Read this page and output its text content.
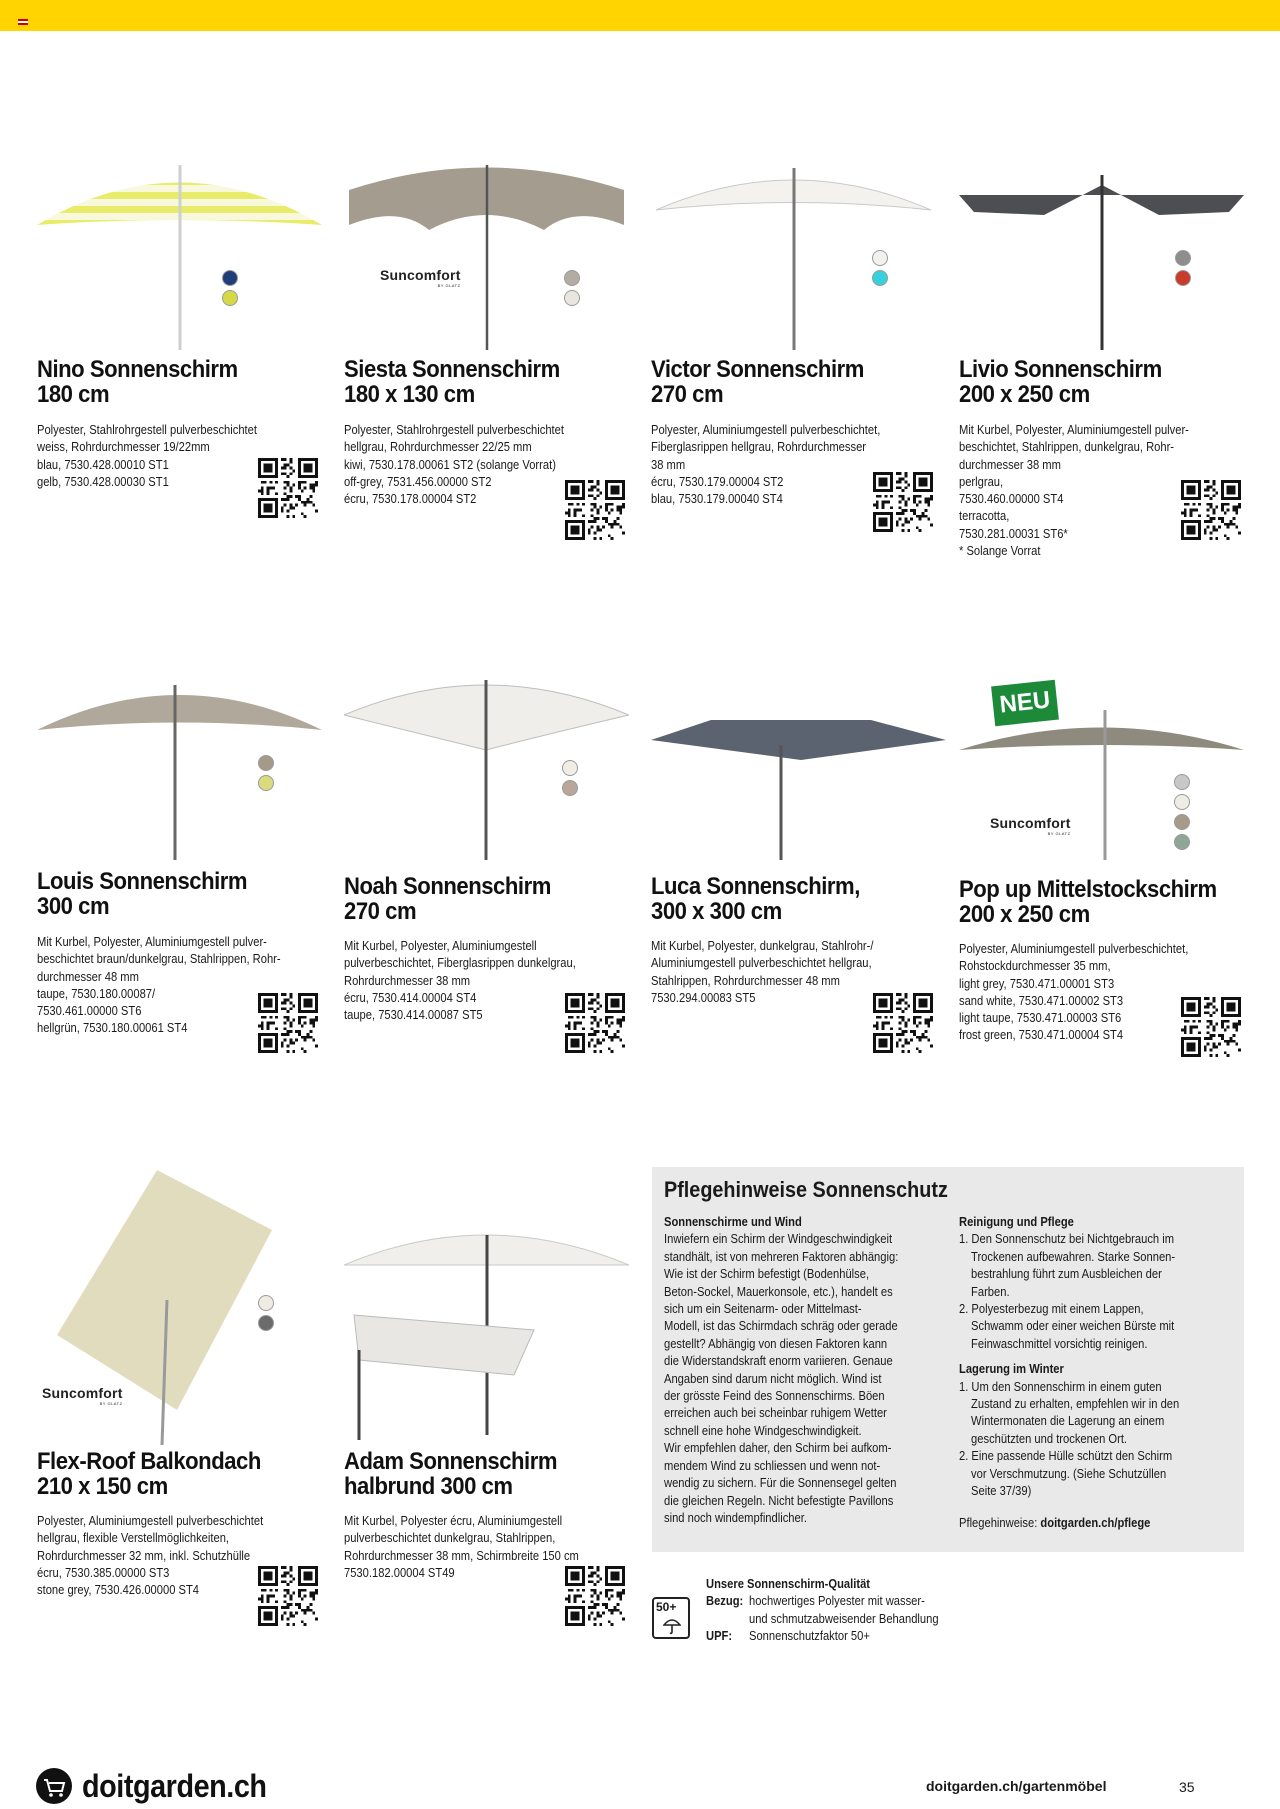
Nino Sonnenschirm
180 cm
Polyester, Stahlrohrgestell pulverbeschichtet
weiss, Rohrdurchmesser 19/22mm
blau, 7530.428.00010 ST1
gelb, 7530.428.00030 ST1
Siesta Sonnenschirm
180 x 130 cm
Polyester, Stahlrohrgestell pulverbeschichtet
hellgrau, Rohrdurchmesser 22/25 mm
kiwi, 7530.178.00061 ST2 (solange Vorrat)
off-grey, 7531.456.00000 ST2
écru, 7530.178.00004 ST2
Suncomfort
BY GLATZ
Victor Sonnenschirm
270 cm
Polyester, Aluminiumgestell pulverbeschichtet,
Fiberglasrippen hellgrau, Rohrdurchmesser
38 mm
écru, 7530.179.00004 ST2
blau, 7530.179.00040 ST4
Livio Sonnenschirm
200 x 250 cm
Mit Kurbel, Polyester, Aluminiumgestell pulver-
beschichtet, Stahlrippen, dunkelgrau, Rohr-
durchmesser 38 mm
perlgrau,
7530.460.00000 ST4
terracotta,
7530.281.00031 ST6*
* Solange Vorrat
Louis Sonnenschirm
300 cm
Mit Kurbel, Polyester, Aluminiumgestell pulver-
beschichtet braun/dunkelgrau, Stahlrippen, Rohr-
durchmesser 48 mm
taupe, 7530.180.00087/
7530.461.00000 ST6
hellgrün, 7530.180.00061 ST4
Noah Sonnenschirm
270 cm
Mit Kurbel, Polyester, Aluminiumgestell
pulverbeschichtet, Fiberglasrippen dunkelgrau,
Rohrdurchmesser 38 mm
écru, 7530.414.00004 ST4
taupe, 7530.414.00087 ST5
Luca Sonnenschirm,
300 x 300 cm
Mit Kurbel, Polyester, dunkelgrau, Stahlrohr-/
Aluminiumgestell pulverbeschichtet hellgrau,
Stahlrippen, Rohrdurchmesser 48 mm
7530.294.00083 ST5
Pop up Mittelstockschirm
200 x 250 cm
Polyester, Aluminiumgestell pulverbeschichtet,
Rohstockdurchmesser 35 mm,
light grey, 7530.471.00001 ST3
sand white, 7530.471.00002 ST3
light taupe, 7530.471.00003 ST6
frost green, 7530.471.00004 ST4
Suncomfort
BY GLATZ
Flex-Roof Balkondach
210 x 150 cm
Polyester, Aluminiumgestell pulverbeschichtet
hellgrau, flexible Verstellmöglichkeiten,
Rohrdurchmesser 32 mm, inkl. Schutzhülle
écru, 7530.385.00000 ST3
stone grey, 7530.426.00000 ST4
Suncomfort
BY GLATZ
Adam Sonnenschirm
halbrund 300 cm
Mit Kurbel, Polyester écru, Aluminiumgestell
pulverbeschichtet dunkelgrau, Stahlrippen,
Rohrdurchmesser 38 mm, Schirmbreite 150 cm
7530.182.00004 ST49
NEU
Pflegehinweise Sonnenschutz
Sonnenschirme und Wind
Inwiefern ein Schirm der Windgeschwindigkeit
standhält, ist von mehreren Faktoren abhängig:
Wie ist der Schirm befestigt (Bodenhülse,
Beton-Sockel, Mauerkonsole, etc.), handelt es
sich um ein Seitenarm- oder Mittelmast-
Modell, ist das Schirmdach schräg oder gerade
gestellt? Abhängig von diesen Faktoren kann
die Widerstandskraft enorm variieren. Genaue
Angaben sind darum nicht möglich. Wind ist
der grösste Feind des Sonnenschirms. Böen
erreichen auch bei scheinbar ruhigem Wetter
schnell eine hohe Windgeschwindigkeit.
Wir empfehlen daher, den Schirm bei aufkom-
mendem Wind zu schliessen und wenn not-
wendig zu sichern. Für die Sonnensegel gelten
die gleichen Regeln. Nicht befestigte Pavillons
sind noch windempfindlicher.
Reinigung und Pflege
1. Den Sonnenschutz bei Nichtgebrauch im
Trockenen aufbewahren. Starke Sonnen-
bestrahlung führt zum Ausbleichen der
Farben.
2. Polyesterbezug mit einem Lappen,
Schwamm oder einer weichen Bürste mit
Feinwaschmittel vorsichtig reinigen.
Lagerung im Winter
1. Um den Sonnenschirm in einem guten
Zustand zu erhalten, empfehlen wir in den
Wintermonaten die Lagerung an einem
geschützten und trockenen Ort.
2. Eine passende Hülle schützt den Schirm
vor Verschmutzung. (Siehe Schutzüllen
Seite 37/39)
Pflegehinweise: doitgarden.ch/pflege
50+
Unsere Sonnenschirm-Qualität
Bezug: hochwertiges Polyester mit wasser-
und schmutzabweisender Behandlung
UPF:	Sonnenschutzfaktor 50+
doitgarden.ch	doitgarden.ch/gartenmöbel	35
